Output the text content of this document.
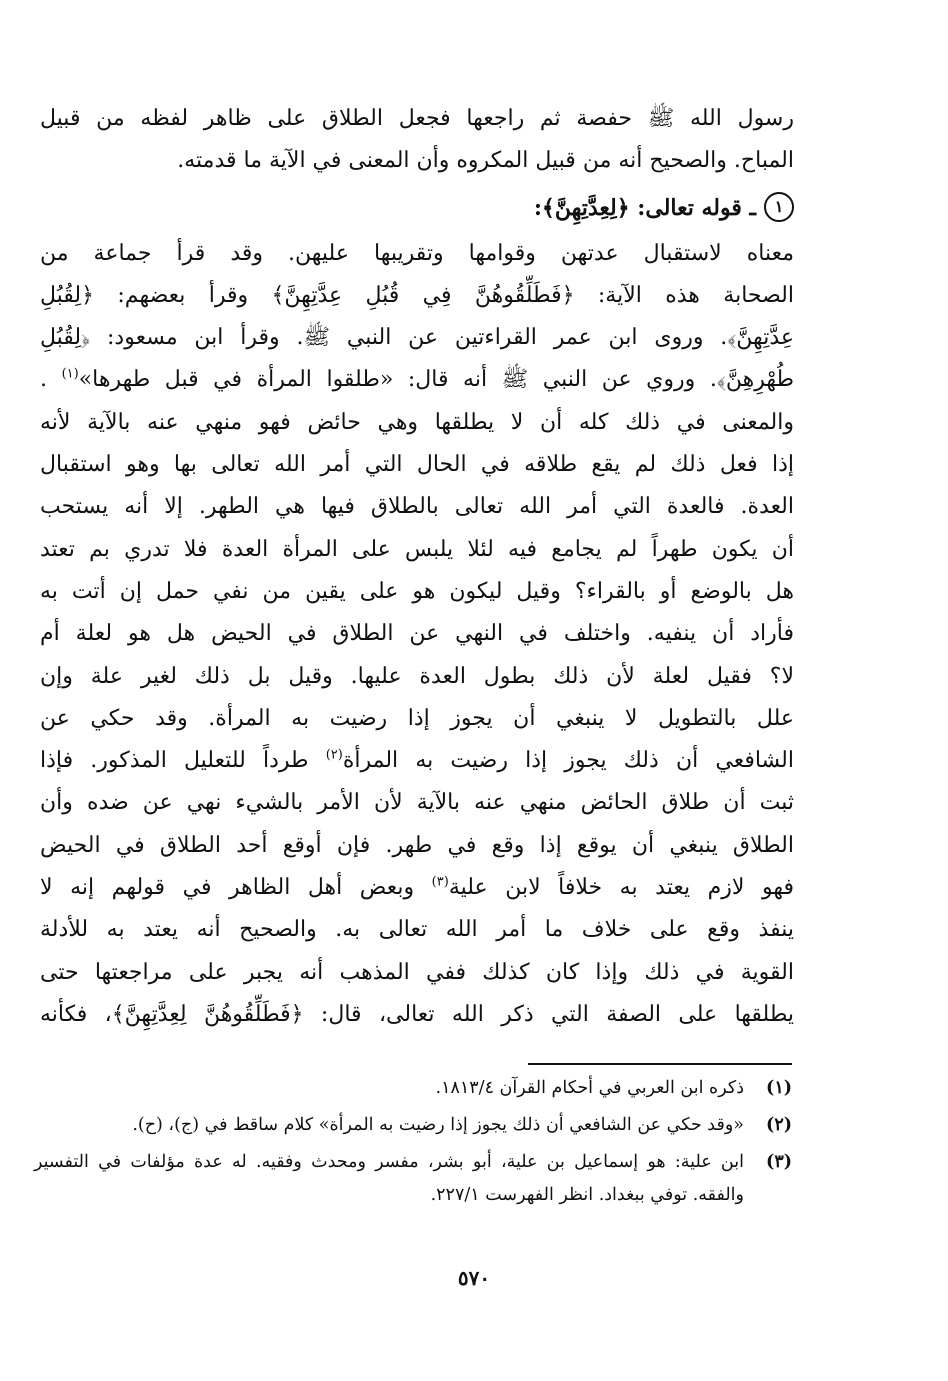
رسول الله ﷺ حفصة ثم راجعها فجعل الطلاق على ظاهر لفظه من قبيل
المباح. والصحيح أنه من قبيل المكروه وأن المعنى في الآية ما قدمته.
١ـ قوله تعالى: ﴿لِعِدَّتِهِنَّ﴾:
معناه لاستقبال عدتهن وقوامها وتقريبها عليهن. وقد قرأ جماعة من
الصحابة هذه الآية: ﴿فَطَلِّقُوهُنَّ فِي قُبُلِ عِدَّتِهِنَّ﴾ وقرأ بعضهم: ﴿لِقُبُلِ
عِدَّتِهِنَّ﴾. وروى ابن عمر القراءتين عن النبي ﷺ. وقرأ ابن مسعود: ﴿لِقُبُلِ
طُهْرِهِنَّ﴾. وروي عن النبي ﷺ أنه قال: «طلقوا المرأة في قبل طهرها»$^{(١)}$ .
والمعنى في ذلك كله أن لا يطلقها وهي حائض فهو منهي عنه بالآية لأنه
إذا فعل ذلك لم يقع طلاقه في الحال التي أمر الله تعالى بها وهو استقبال
العدة. فالعدة التي أمر الله تعالى بالطلاق فيها هي الطهر. إلا أنه يستحب
أن يكون طهراً لم يجامع فيه لئلا يلبس على المرأة العدة فلا تدري بم تعتد
هل بالوضع أو بالقراء؟ وقيل ليكون هو على يقين من نفي حمل إن أتت به
فأراد أن ينفيه. واختلف في النهي عن الطلاق في الحيض هل هو لعلة أم
لا؟ فقيل لعلة لأن ذلك بطول العدة عليها. وقيل بل ذلك لغير علة وإن
علل بالتطويل لا ينبغي أن يجوز إذا رضيت به المرأة. وقد حكي عن
الشافعي أن ذلك يجوز إذا رضيت به المرأة$^{(٢)}$ طرداً للتعليل المذكور. فإذا
ثبت أن طلاق الحائض منهي عنه بالآية لأن الأمر بالشيء نهي عن ضده وأن
الطلاق ينبغي أن يوقع إذا وقع في طهر. فإن أوقع أحد الطلاق في الحيض
فهو لازم يعتد به خلافاً لابن علية$^{(٣)}$ وبعض أهل الظاهر في قولهم إنه لا
ينفذ وقع على خلاف ما أمر الله تعالى به. والصحيح أنه يعتد به للأدلة
القوية في ذلك وإذا كان كذلك ففي المذهب أنه يجبر على مراجعتها حتى
يطلقها على الصفة التي ذكر الله تعالى، قال: ﴿فَطَلِّقُوهُنَّ لِعِدَّتِهِنَّ﴾، فكأنه
(١)
ذكره ابن العربي في أحكام القرآن ١٨١٣/٤.
(٢)
«وقد حكي عن الشافعي أن ذلك يجوز إذا رضيت به المرأة» كلام ساقط في (ج)، (ح).
(٣)
ابن علية: هو إسماعيل بن علية، أبو بشر، مفسر ومحدث وفقيه. له عدة مؤلفات في التفسير والفقه. توفي ببغداد. انظر الفهرست ٢٢٧/١.
٥٧٠
